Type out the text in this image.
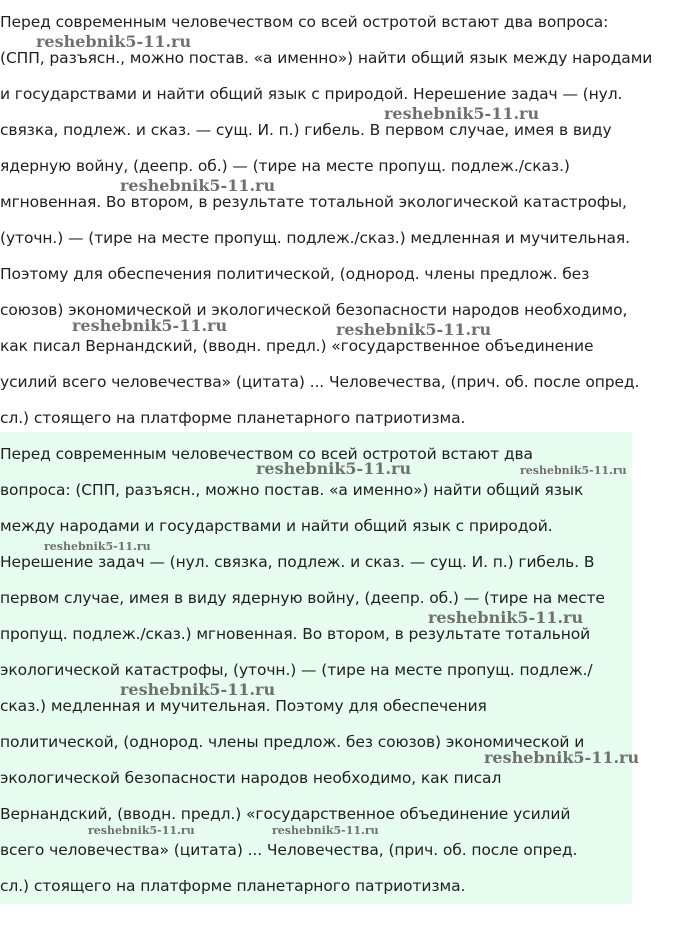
Перед современным человечеством со всей остротой встают два вопроса:

(СПП, разъясн., можно постав. «а именно») найти общий язык между народами

и государствами и найти общий язык с природой. Нерешение задач — (нул.

связка, подлеж. и сказ. — сущ. И. п.) гибель. В первом случае, имея в виду

ядерную войну, (деепр. об.) — (тире на месте пропущ. подлеж./сказ.)

мгновенная. Во втором, в результате тотальной экологической катастрофы,

(уточн.) — (тире на месте пропущ. подлеж./сказ.) медленная и мучительная.

Поэтому для обеспечения политической, (однород. члены предлож. без

союзов) экономической и экологической безопасности народов необходимо,

как писал Вернандский, (вводн. предл.) «государственное объединение

усилий всего человечества» (цитата) ... Человечества, (прич. об. после опред.

сл.) стоящего на платформе планетарного патриотизма.

Перед современным человечеством со всей остротой встают два

вопроса: (СПП, разъясн., можно постав. «а именно») найти общий язык

между народами и государствами и найти общий язык с природой.

Нерешение задач — (нул. связка, подлеж. и сказ. — сущ. И. п.) гибель. В

первом случае, имея в виду ядерную войну, (деепр. об.) — (тире на месте

пропущ. подлеж./сказ.) мгновенная. Во втором, в результате тотальной

экологической катастрофы, (уточн.) — (тире на месте пропущ. подлеж./

сказ.) медленная и мучительная. Поэтому для обеспечения

политической, (однород. члены предлож. без союзов) экономической и

экологической безопасности народов необходимо, как писал

Вернандский, (вводн. предл.) «государственное объединение усилий

всего человечества» (цитата) ... Человечества, (прич. об. после опред.

сл.) стоящего на платформе планетарного патриотизма.

reshebnik5-11.ru
reshebnik5-11.ru
reshebnik5-11.ru
reshebnik5-11.ru	reshebnik5-11.ru
reshebnik5-11.ru	reshebnik5-11.ru
reshebnik5-11.ru
reshebnik5-11.ru
reshebnik5-11.ru
reshebnik5-11.ru
reshebnik5-11.ru	reshebnik5-11.ru
